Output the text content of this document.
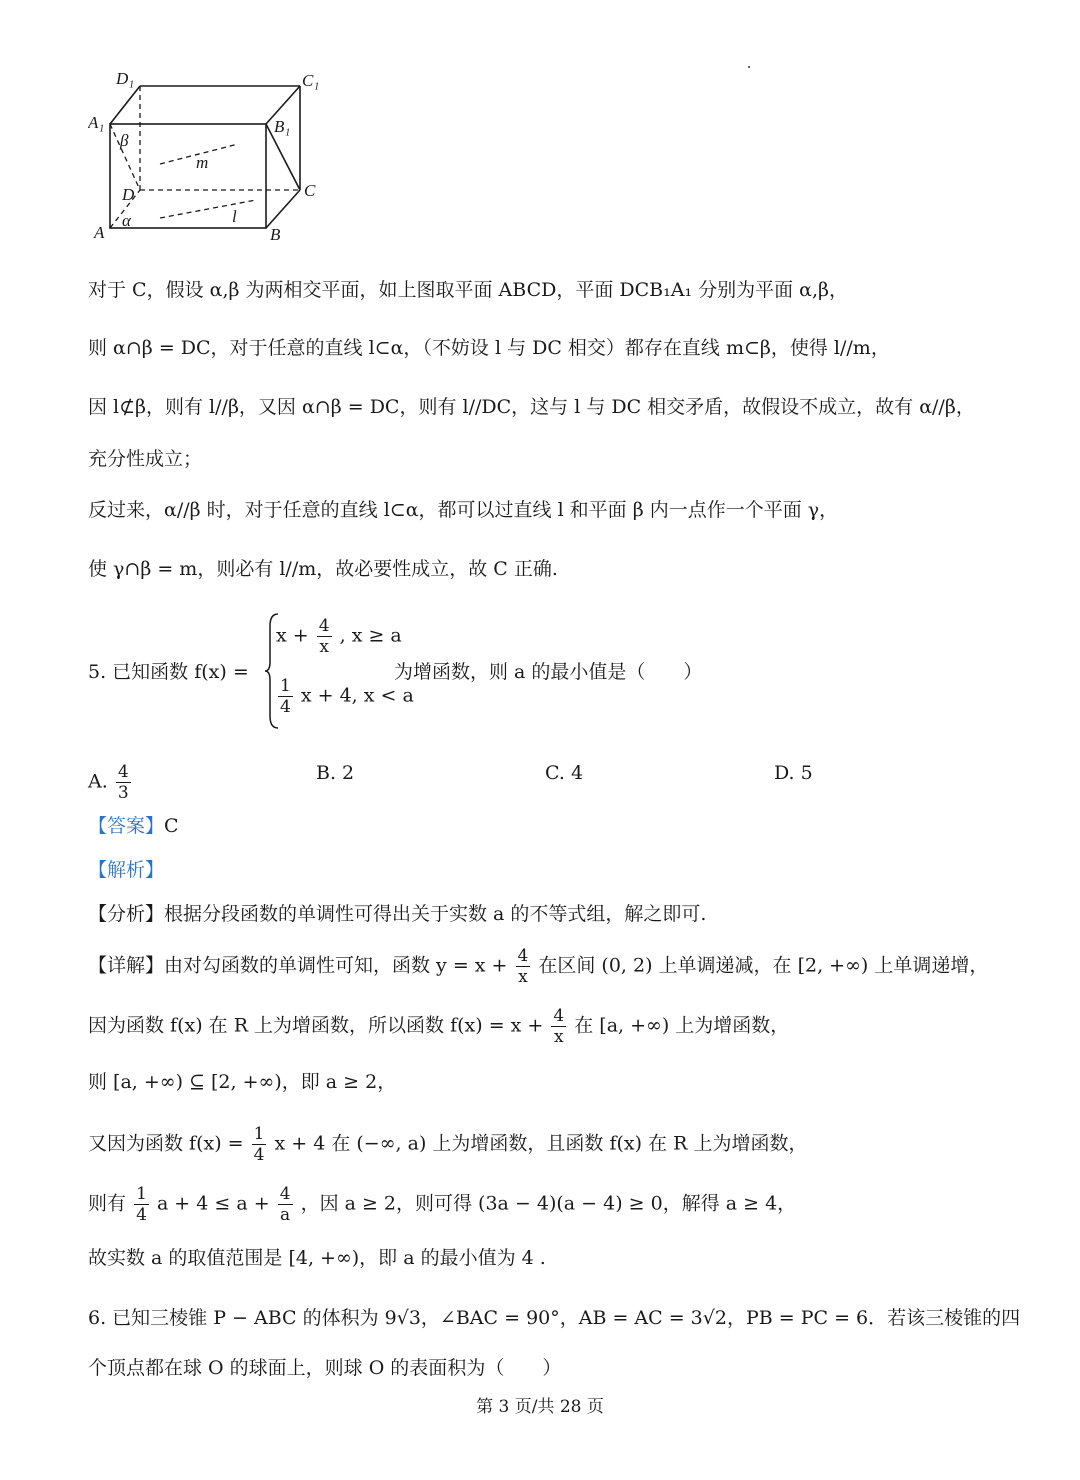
D₁	C₁
A₁	B₁
D	C
A	B
m
l
α
β
对于 C，假设 α,β 为两相交平面，如上图取平面 ABCD，平面 DCB₁A₁ 分别为平面 α,β，
则 α∩β = DC，对于任意的直线 l⊂α，（不妨设 l 与 DC 相交）都存在直线 m⊂β，使得 l//m，
因 l⊄β，则有 l//β，又因 α∩β = DC，则有 l//DC，这与 l 与 DC 相交矛盾，故假设不成立，故有 α//β，
充分性成立；
反过来，α//β 时，对于任意的直线 l⊂α，都可以过直线 l 和平面 β 内一点作一个平面 γ，
使 γ∩β = m，则必有 l//m，故必要性成立，故 C 正确.
5. 已知函数 f(x) =
$x + \frac{4}{x}$ , x ≥ a
$\frac{1}{4}$ x + 4, x < a
为增函数，则 a 的最小值是（　　）
A. $\frac{4}{3}$	B. 2	C. 4	D. 5
【答案】C
【解析】
【分析】根据分段函数的单调性可得出关于实数 a 的不等式组，解之即可.
【详解】由对勾函数的单调性可知，函数 $y = x + \frac{4}{x}$ 在区间 (0, 2) 上单调递减，在 [2, +∞) 上单调递增，
因为函数 f(x) 在 R 上为增函数，所以函数 $f(x) = x + \frac{4}{x}$ 在 [a, +∞) 上为增函数，
则 [a, +∞) ⊆ [2, +∞)，即 a ≥ 2，
又因为函数 $f(x) = \frac{1}{4}$ x + 4 在 (−∞, a) 上为增函数，且函数 f(x) 在 R 上为增函数，
则有 $\frac{1}{4}$ $a + 4 \le a + \frac{4}{a}$ ，因 a ≥ 2，则可得 (3a − 4)(a − 4) ≥ 0，解得 a ≥ 4，
故实数 a 的取值范围是 [4, +∞)，即 a 的最小值为 4 .
6. 已知三棱锥 P − ABC 的体积为 9√3，∠BAC = 90°，AB = AC = 3√2，PB = PC = 6．若该三棱锥的四
个顶点都在球 O 的球面上，则球 O 的表面积为（　　）
第 3 页/共 28 页
